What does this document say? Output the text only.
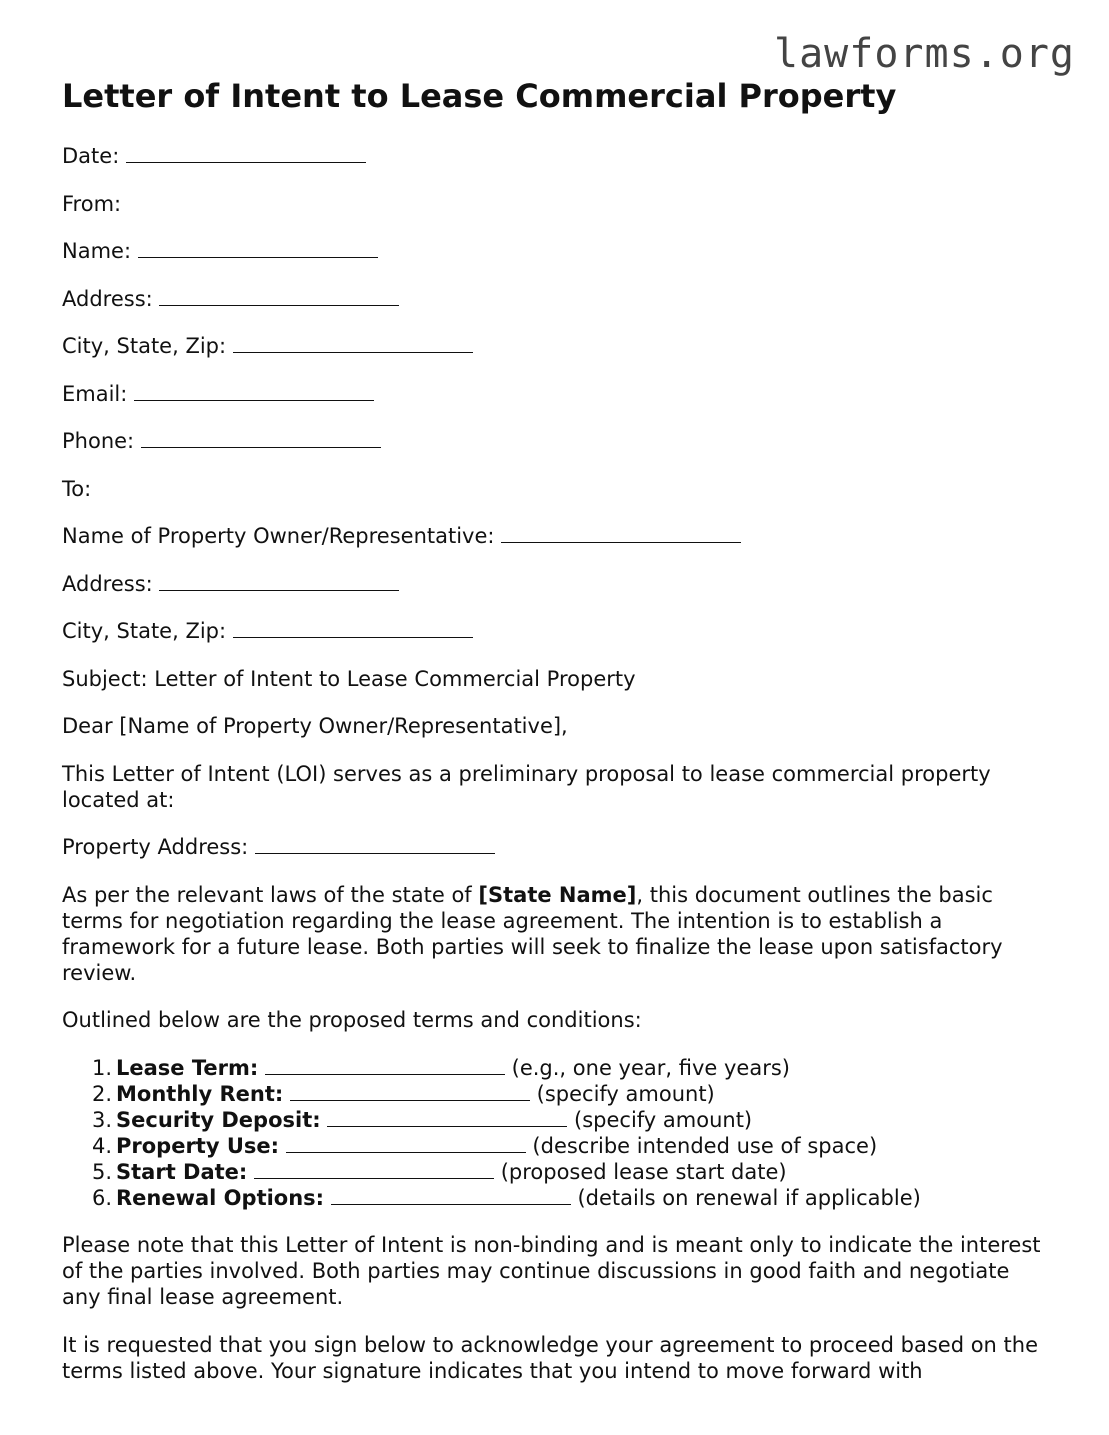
lawforms.org
Letter of Intent to Lease Commercial Property

Date:

From:

Name:

Address:

City, State, Zip:

Email:

Phone:

To:

Name of Property Owner/Representative:

Address:

City, State, Zip:

Subject: Letter of Intent to Lease Commercial Property

Dear [Name of Property Owner/Representative],

This Letter of Intent (LOI) serves as a preliminary proposal to lease commercial property located at:

Property Address:

As per the relevant laws of the state of [State Name], this document outlines the basic terms for negotiation regarding the lease agreement. The intention is to establish a framework for a future lease. Both parties will seek to finalize the lease upon satisfactory review.

Outlined below are the proposed terms and conditions:

1. Lease Term:	(e.g., one year, five years)
2. Monthly Rent:	(specify amount)
3. Security Deposit:	(specify amount)
4. Property Use:	(describe intended use of space)
5. Start Date:	(proposed lease start date)
6. Renewal Options:	(details on renewal if applicable)

Please note that this Letter of Intent is non-binding and is meant only to indicate the interest of the parties involved. Both parties may continue discussions in good faith and negotiate any final lease agreement.

It is requested that you sign below to acknowledge your agreement to proceed based on the terms listed above. Your signature indicates that you intend to move forward with
